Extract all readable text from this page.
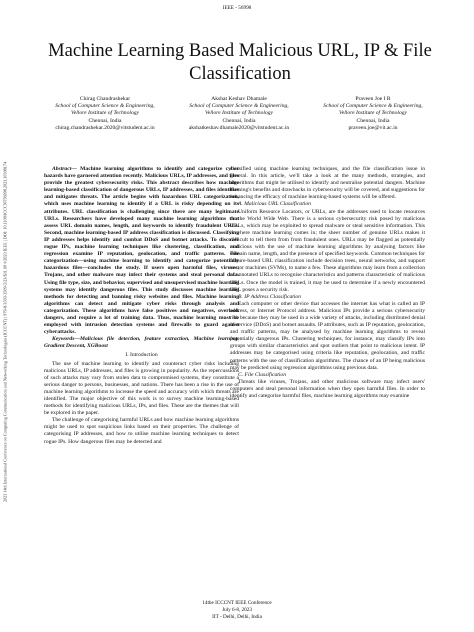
IEEE - 56998
2023 14th International Conference on Computing Communication and Networking Technologies (ICCCNT) | 979-8-3503-3509-5/23/$31.00 ©2023 IEEE | DOI: 10.1109/ICCCNT56998.2023.10308174
Machine Learning Based Malicious URL, IP & File Classification
Chirag Chandrashekar
School of Computer Science & Engineering,
Vellore Institute of Technology
Chennai, India
chirag.chandrashekar.2020@vitstudent.ac.in
Akshat Keshav Dhamale
School of Computer Science & Engineering,
Vellore Institute of Technology
Chennai, India
akshatkeshav.dhamale2020@vitstudent.ac.in
Praveen Joe I R
School of Computer Science & Engineering,
Vellore Institute of Technology
Chennai, India
praveen.joe@vit.ac.in

Abstract— Machine learning algorithms to identify and categorize cyber hazards have garnered attention recently. Malicious URLs, IP addresses, and files provide the greatest cybersecurity risks. This abstract describes how machine learning-based classification of dangerous URLs, IP addresses, and files identifies and mitigates threats. The article begins with hazardous URL categorization, which uses machine learning to identify if a URL is risky depending on its attributes. URL classification is challenging since there are many legitimate URLs. Researchers have developed many machine learning algorithms that assess URL domain names, length, and keywords to identify fraudulent URLs. Second, machine learning-based IP address classification is discussed. Classifying IP addresses helps identify and combat DDoS and botnet attacks. To discover rogue IPs, machine learning techniques like clustering, classification, and regression examine IP reputation, geolocation, and traffic patterns. File categorization—using machine learning to identify and categorize potentially hazardous files—concludes the study. If users open harmful files, viruses, Trojans, and other malware may infect their systems and steal personal data. Using file type, size, and behavior, supervised and unsupervised machine learning systems may identify dangerous files. This study discusses machine learning methods for detecting and banning risky websites and files. Machine learning algorithms can detect and mitigate cyber risks through analysis and categorization. These algorithms have false positives and negatives, overlook dangers, and require a lot of training data. Thus, machine learning must be employed with intrusion detection systems and firewalls to guard against cyberattacks.

Keywords—Malicious file detection, feature extraction, Machine learning, Gradient Descent, XGBoost

I. Introduction

The use of machine learning to identify and counteract cyber risks including malicious URLs, IP addresses, and files is growing in popularity. As the repercussions of such attacks may vary from stolen data to compromised systems, they constitute a serious danger to persons, businesses, and nations. There has been a rise in the use of machine learning algorithms to increase the speed and accuracy with which threats are identified. The major objective of this work is to survey machine learning-based methods for identifying malicious URLs, IPs, and files. These are the themes that will be explored in the paper.

The challenge of categorising harmful URLs and how machine learning algorithms might be used to spot suspicious links based on their properties. The challenge of categorising IP addresses, and how to utilise machine learning techniques to detect rogue IPs. How dangerous files may be detected and

classified using machine learning techniques, and the file classification issue in general. In this article, we'll take a look at the many methods, strategies, and algorithms that might be utilised to identify and neutralise potential dangers. Machine learning's benefits and drawbacks in cybersecurity will be covered, and suggestions for enhancing the efficacy of machine learning-based systems will be offered.

A. Malicious URL Classification

Uniform Resource Locators, or URLs, are the addresses used to locate resources on the World Wide Web. There is a serious cybersecurity risk posed by malicious URLs, which may be exploited to spread malware or steal sensitive information. This is where machine learning comes in; the sheer number of genuine URLs makes it difficult to tell them from from fraudulent ones. URLs may be flagged as potentially malicious with the use of machine learning algorithms by analysing factors like domain name, length, and the presence of specified keywords. Common techniques for feature-based URL classification include decision trees, neural networks, and support vector machines (SVMs), to name a few. These algorithms may learn from a collection of annotated URLs to recognise characteristics and patterns characteristic of malicious URLs. Once the model is trained, it may be used to determine if a newly encountered URL poses a security risk.

B. IP Address Classification

Each computer or other device that accesses the internet has what is called an IP address, or Internet Protocol address. Malicious IPs provide a serious cybersecurity risk because they may be used in a wide variety of attacks, including distributed denial of service (DDoS) and botnet assaults. IP attributes, such as IP reputation, geolocation, and traffic patterns, may be analysed by machine learning algorithms to reveal potentially dangerous IPs. Clustering techniques, for instance, may classify IPs into groups with similar characteristics and spot outliers that point to malicious intent. IP addresses may be categorised using criteria like reputation, geolocation, and traffic patterns with the use of classification algorithms. The chance of an IP being malicious may be predicted using regression algorithms using previous data.

C. File Classification

Threats like viruses, Trojans, and other malicious software may infect users' computers and steal personal information when they open harmful files. In order to identify and categorise harmful files, machine learning algorithms may examine

14the ICCCNT IEEE Conference
July 6-8, 2023
IIT - Delhi, Delhi, India
